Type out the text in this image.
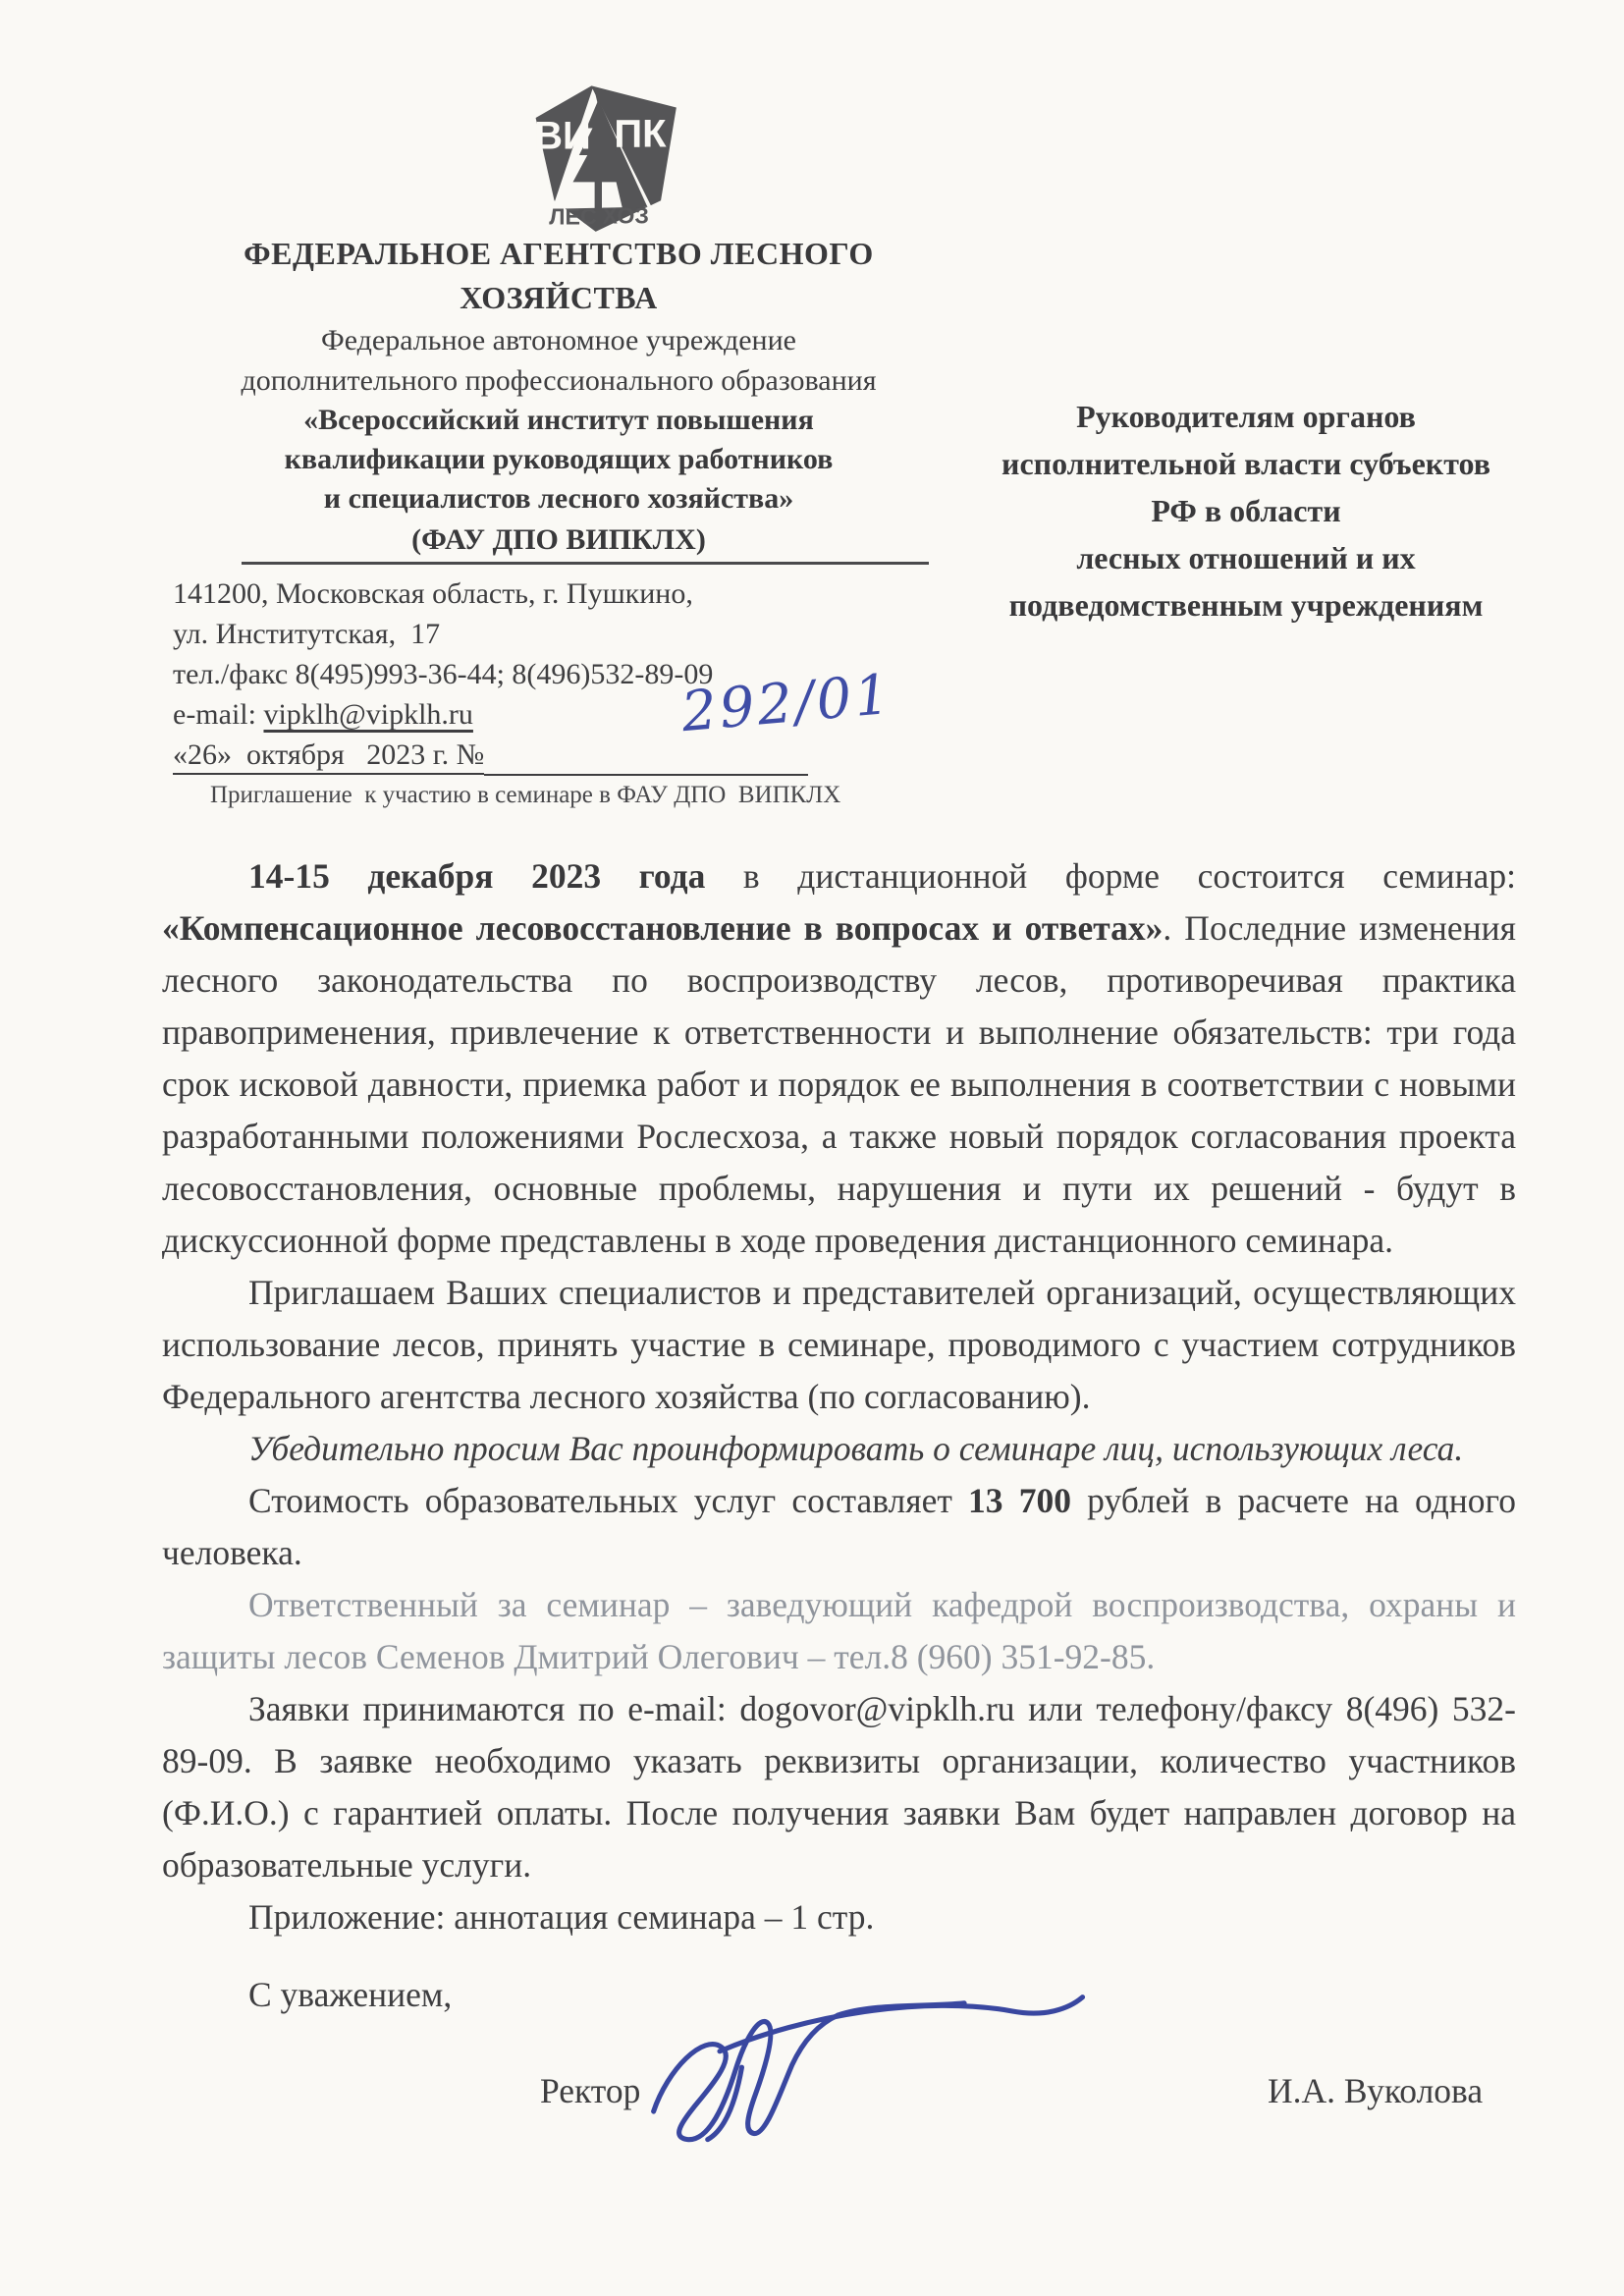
ВИ ПК
ЛЕС ХОЗ
ФЕДЕРАЛЬНОЕ АГЕНТСТВО ЛЕСНОГО
ХОЗЯЙСТВА
Федеральное автономное учреждение
дополнительного профессионального образования
«Всероссийский институт повышения
квалификации руководящих работников
и специалистов лесного хозяйства»
(ФАУ ДПО ВИПКЛХ)
141200, Московская область, г. Пушкино,
ул. Институтская,  17
тел./факс 8(495)993-36-44; 8(496)532-89-09
e-mail: vipklh@vipklh.ru
«26»  октября   2023 г. №
Приглашение  к участию в семинаре в ФАУ ДПО  ВИПКЛХ
292/01
Руководителям органов
исполнительной власти субъектов
РФ в области
лесных отношений и их
подведомственным учреждениям

14-15 декабря 2023 года в дистанционной форме состоится семинар: «Компенсационное лесовосстановление в вопросах и ответах». Последние изменения лесного законодательства по воспроизводству лесов, противоречивая практика правоприменения, привлечение к ответственности и выполнение обязательств: три года срок исковой давности, приемка работ и порядок ее выполнения в соответствии с новыми разработанными положениями Рослесхоза, а также новый порядок согласования проекта лесовосстановления, основные проблемы, нарушения и пути их решений - будут в дискуссионной форме представлены в ходе проведения дистанционного семинара.

Приглашаем Ваших специалистов и представителей организаций, осуществляющих использование лесов, принять участие в семинаре, проводимого с участием сотрудников Федерального агентства лесного хозяйства (по согласованию).

Убедительно просим Вас проинформировать о семинаре лиц, использующих леса.

Стоимость образовательных услуг составляет 13 700 рублей в расчете на одного человека.

Ответственный за семинар – заведующий кафедрой воспроизводства, охраны и защиты лесов Семенов Дмитрий Олегович – тел.8 (960) 351-92-85.

Заявки принимаются по e-mail: dogovor@vipklh.ru или телефону/факсу 8(496) 532-89-09. В заявке необходимо указать реквизиты организации, количество участников (Ф.И.О.) с гарантией оплаты. После получения заявки Вам будет направлен договор на образовательные услуги.

Приложение: аннотация семинара – 1 стр.

С уважением,

Ректор	И.А. Вуколова
